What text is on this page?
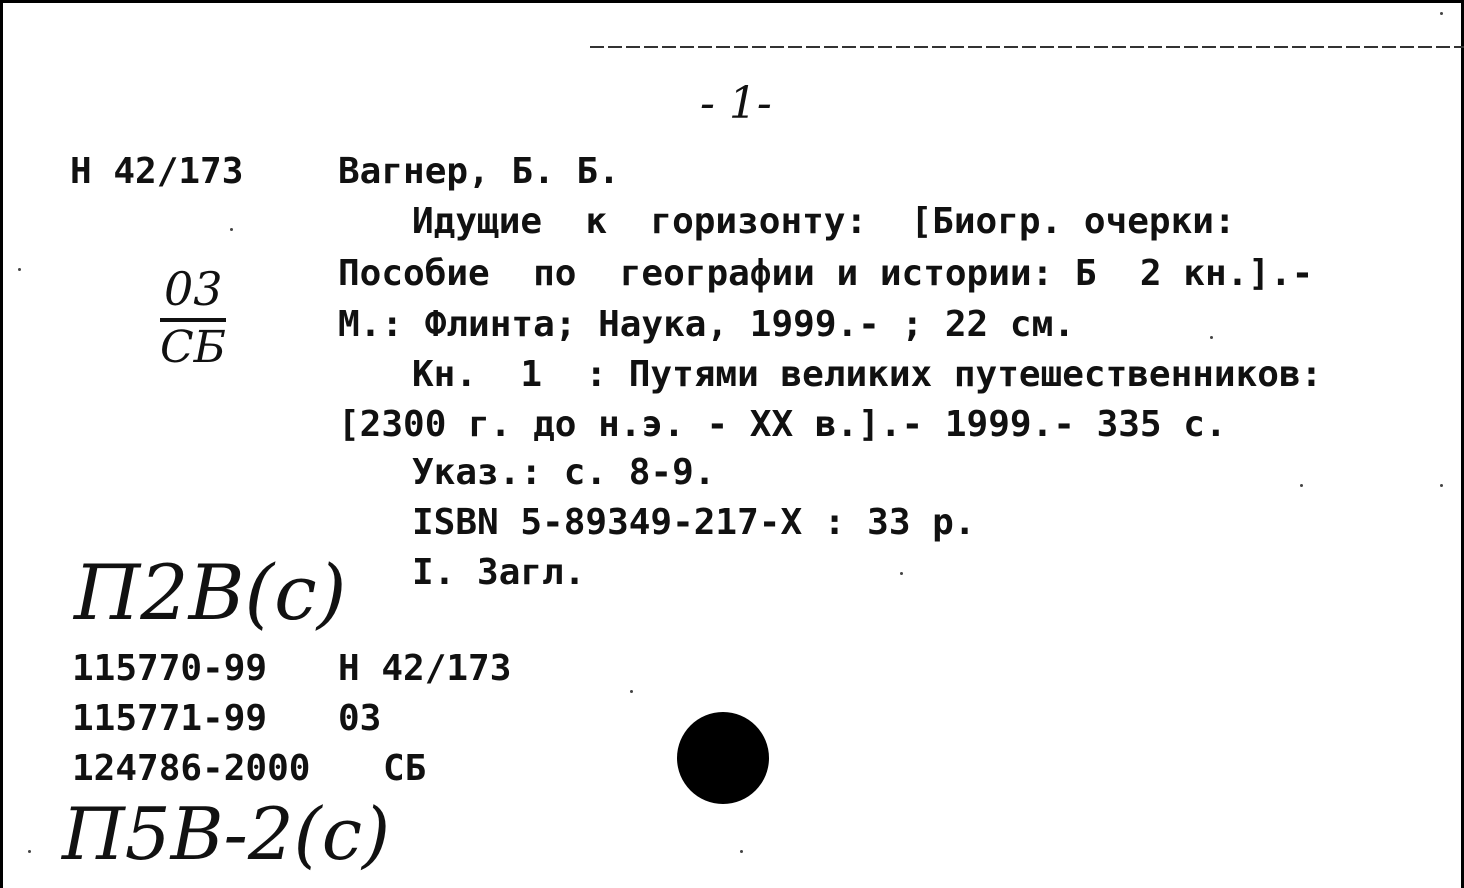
- 1-
Н 42/173	Вагнер, Б. Б.
Идущие  к  горизонту:  [Биогр. очерки:
Пособие  по  географии и истории: Б  2 кн.].-
М.: Флинта; Наука, 1999.- ; 22 см.
Кн.  1  : Путями великих путешественников:
[2300 г. до н.э. - XX в.].- 1999.- 335 с.
Указ.: с. 8-9.
ISBN 5-89349-217-X : 33 р.
I. Загл.
03
СБ
П2В(с)
115770-99 Н 42/173
115771-99 03
124786-2000 СБ
П5В-2(с)
